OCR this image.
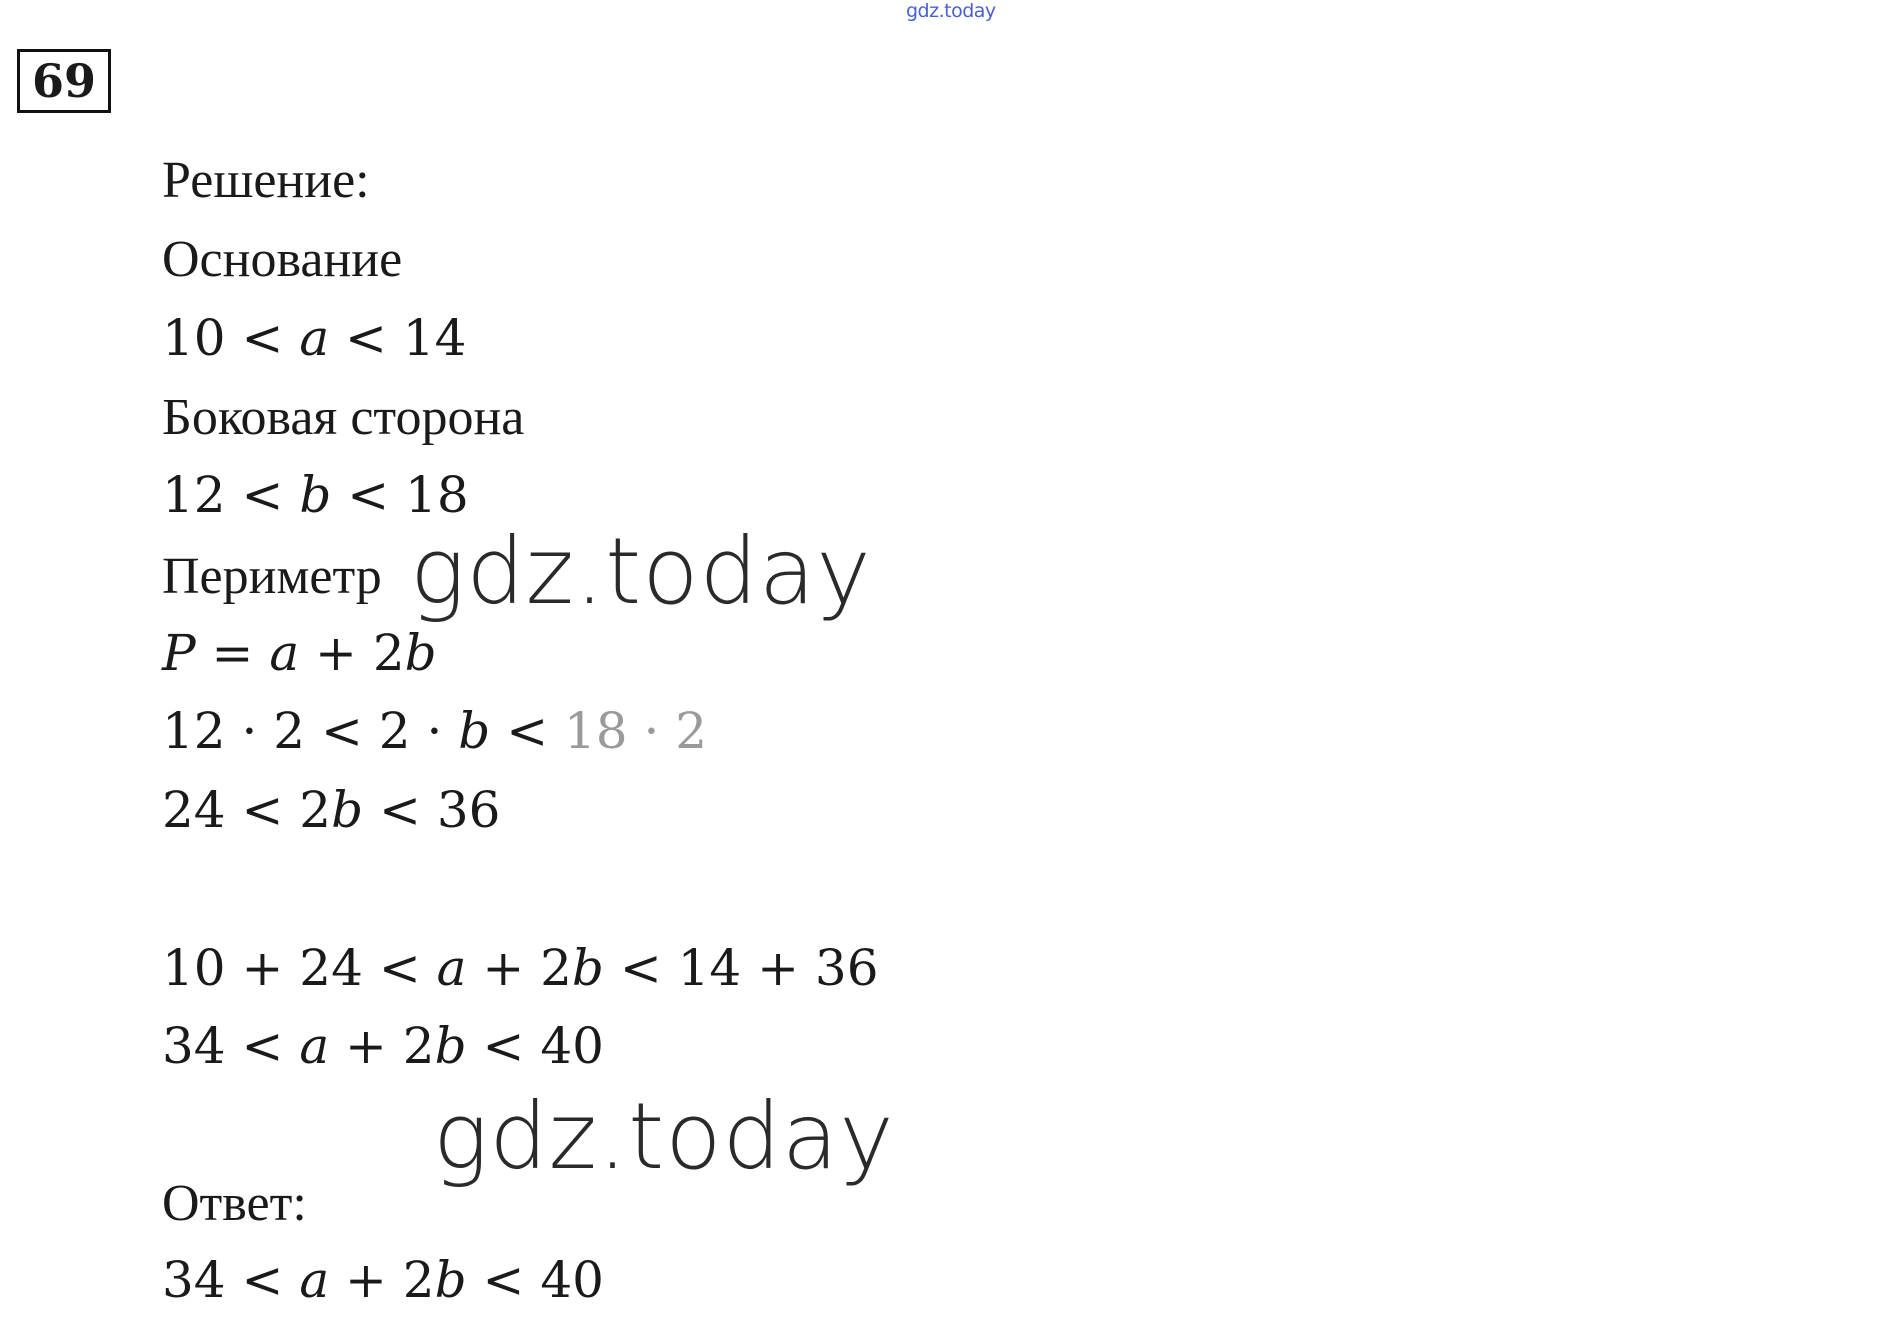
gdz.today
69
Решение:
Основание
10 < a < 14
Боковая сторона
12 < b < 18
Периметр
P = a + 2b
12 · 2 < 2 · b < 18 · 2
24 < 2b < 36
10 + 24 < a + 2b < 14 + 36
34 < a + 2b < 40
Ответ:
34 < a + 2b < 40
gdz.today
gdz.today
